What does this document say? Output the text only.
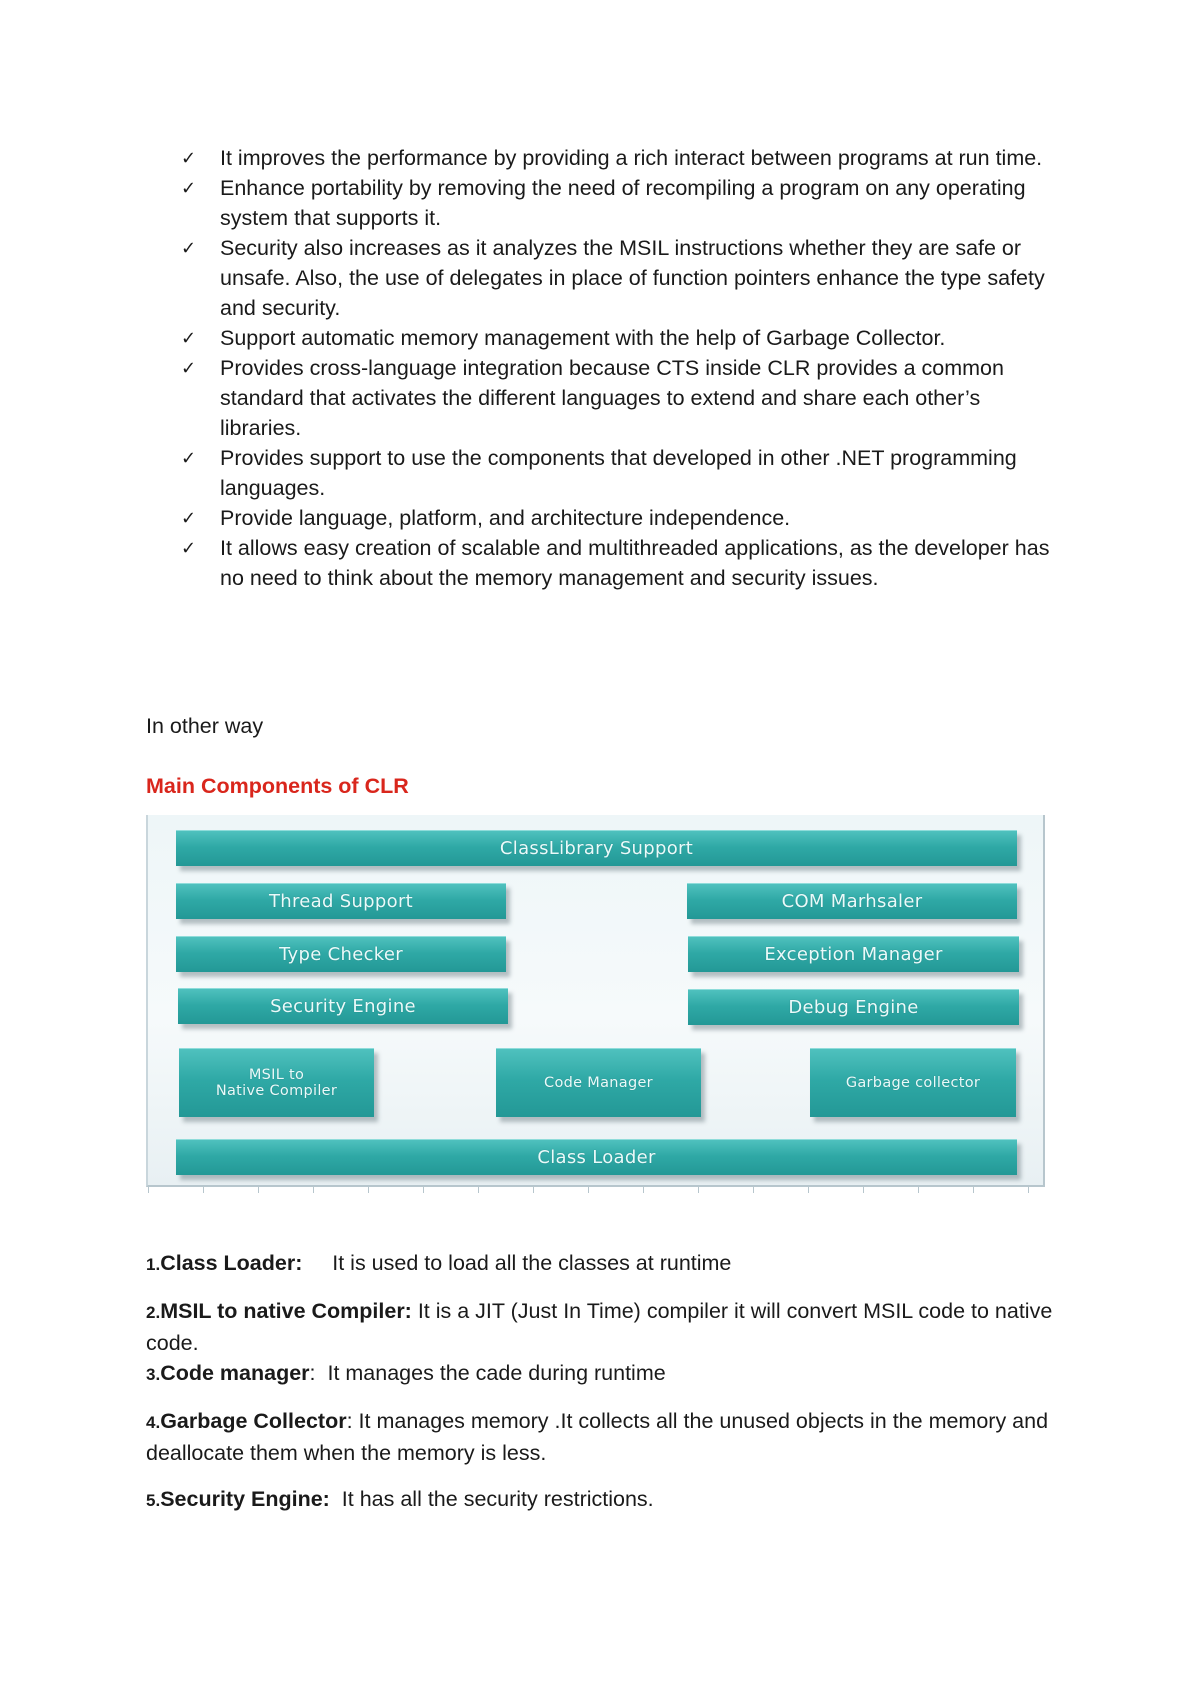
✓ It improves the performance by providing a rich interact between programs at run time.
✓ Enhance portability by removing the need of recompiling a program on any operating system that supports it.
✓ Security also increases as it analyzes the MSIL instructions whether they are safe or unsafe. Also, the use of delegates in place of function pointers enhance the type safety and security.
✓ Support automatic memory management with the help of Garbage Collector.
✓ Provides cross-language integration because CTS inside CLR provides a common standard that activates the different languages to extend and share each other’s libraries.
✓ Provides support to use the components that developed in other .NET programming languages.
✓ Provide language, platform, and architecture independence.
✓ It allows easy creation of scalable and multithreaded applications, as the developer has no need to think about the memory management and security issues.
In other way
Main Components of CLR
ClassLibrary Support
Thread Support	COM Marhsaler
Type Checker	Exception Manager
Security Engine	Debug Engine
MSIL to
Native Compiler	Code Manager	Garbage collector
Class Loader

1.Class Loader:     It is used to load all the classes at runtime

2.MSIL to native Compiler: It is a JIT (Just In Time) compiler it will convert MSIL code to native code.

3.Code manager:  It manages the cade during runtime

4.Garbage Collector: It manages memory .It collects all the unused objects in the memory and deallocate them when the memory is less.

5.Security Engine:  It has all the security restrictions.
